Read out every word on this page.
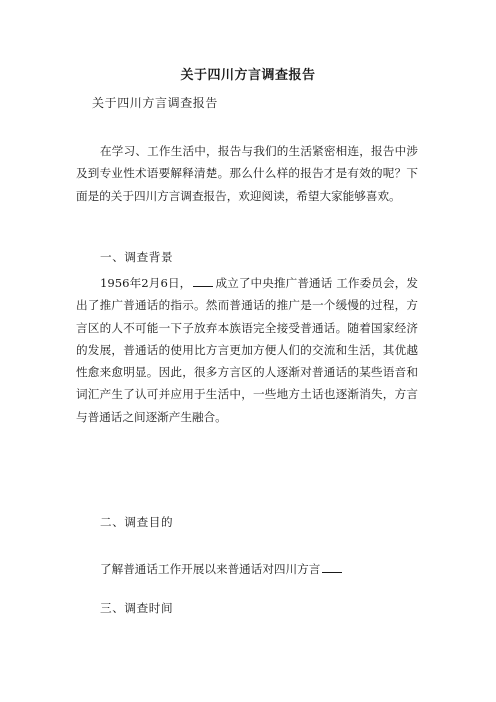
关于四川方言调查报告
关于四川方言调查报告

在学习、工作生活中，报告与我们的生活紧密相连，报告中涉及到专业性术语要解释清楚。那么什么样的报告才是有效的呢？下面是的关于四川方言调查报告，欢迎阅读，希望大家能够喜欢。

一、调查背景

1956年2月6日， 成立了中央推广普通话 工作委员会，发出了推广普通话的指示。然而普通话的推广是一个缓慢的过程，方言区的人不可能一下子放弃本族语完全接受普通话。随着国家经济的发展，普通话的使用比方言更加方便人们的交流和生活，其优越性愈来愈明显。因此，很多方言区的人逐渐对普通话的某些语音和词汇产生了认可并应用于生活中，一些地方土话也逐渐消失，方言与普通话之间逐渐产生融合。

二、调查目的

了解普通话工作开展以来普通话对四川方言

三、调查时间
